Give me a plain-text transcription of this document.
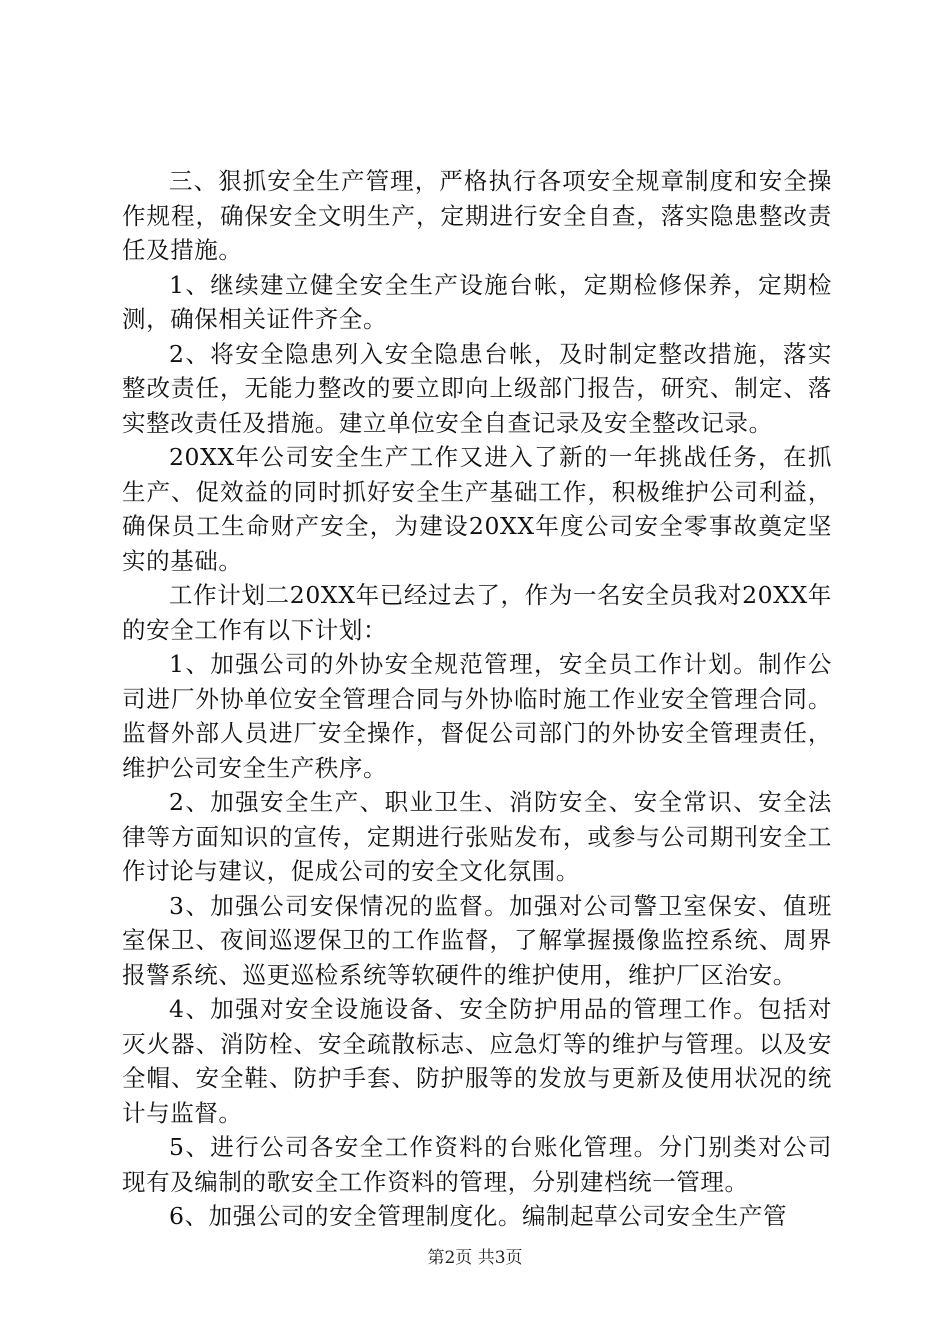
三、狠抓安全生产管理，严格执行各项安全规章制度和安全操作规程，确保安全文明生产，定期进行安全自查，落实隐患整改责任及措施。

1、继续建立健全安全生产设施台帐，定期检修保养，定期检测，确保相关证件齐全。

2、将安全隐患列入安全隐患台帐，及时制定整改措施，落实整改责任，无能力整改的要立即向上级部门报告，研究、制定、落实整改责任及措施。建立单位安全自查记录及安全整改记录。

20XX年公司安全生产工作又进入了新的一年挑战任务，在抓生产、促效益的同时抓好安全生产基础工作，积极维护公司利益，确保员工生命财产安全，为建设20XX年度公司安全零事故奠定坚实的基础。

工作计划二20XX年已经过去了，作为一名安全员我对20XX年的安全工作有以下计划：

1、加强公司的外协安全规范管理，安全员工作计划。制作公司进厂外协单位安全管理合同与外协临时施工作业安全管理合同。监督外部人员进厂安全操作，督促公司部门的外协安全管理责任，维护公司安全生产秩序。

2、加强安全生产、职业卫生、消防安全、安全常识、安全法律等方面知识的宣传，定期进行张贴发布，或参与公司期刊安全工作讨论与建议，促成公司的安全文化氛围。

3、加强公司安保情况的监督。加强对公司警卫室保安、值班室保卫、夜间巡逻保卫的工作监督，了解掌握摄像监控系统、周界报警系统、巡更巡检系统等软硬件的维护使用，维护厂区治安。

4、加强对安全设施设备、安全防护用品的管理工作。包括对灭火器、消防栓、安全疏散标志、应急灯等的维护与管理。以及安全帽、安全鞋、防护手套、防护服等的发放与更新及使用状况的统计与监督。

5、进行公司各安全工作资料的台账化管理。分门别类对公司现有及编制的歌安全工作资料的管理，分别建档统一管理。

6、加强公司的安全管理制度化。编制起草公司安全生产管

第2页 共3页
